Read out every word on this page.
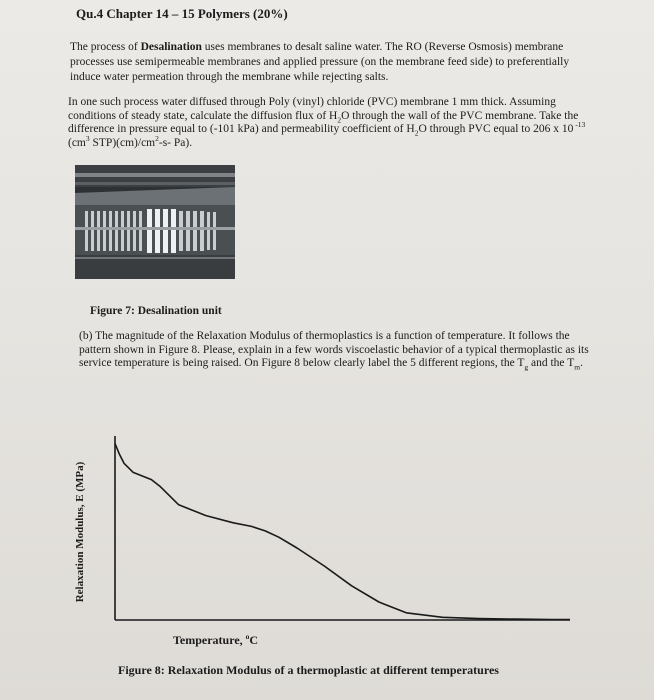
Qu.4 Chapter 14 – 15 Polymers (20%)

The process of Desalination uses membranes to desalt saline water. The RO (Reverse Osmosis) membrane processes use semipermeable membranes and applied pressure (on the membrane feed side) to preferentially induce water permeation through the membrane while rejecting salts.

In one such process water diffused through Poly (vinyl) chloride (PVC) membrane 1 mm thick. Assuming conditions of steady state, calculate the diffusion flux of $H_2O$ through the wall of the PVC membrane. Take the difference in pressure equal to (-101 kPa) and permeability coefficient of $H_2O$ through PVC equal to 206 x 10 $^{-13}$ ($cm^3$ $STP)(cm)/cm^2-s-$ Pa).

Figure 7: Desalination unit

(b) The magnitude of the Relaxation Modulus of thermoplastics is a function of temperature. It follows the pattern shown in Figure 8. Please, explain in a few words viscoelastic behavior of a typical thermoplastic as its service temperature is being raised. On Figure 8 below clearly label the 5 different regions, the $T_g$ and the $T_m$.

Relaxation Modulus, E (MPa)
Temperature, $^o$C
Figure 8: Relaxation Modulus of a thermoplastic at different temperatures
